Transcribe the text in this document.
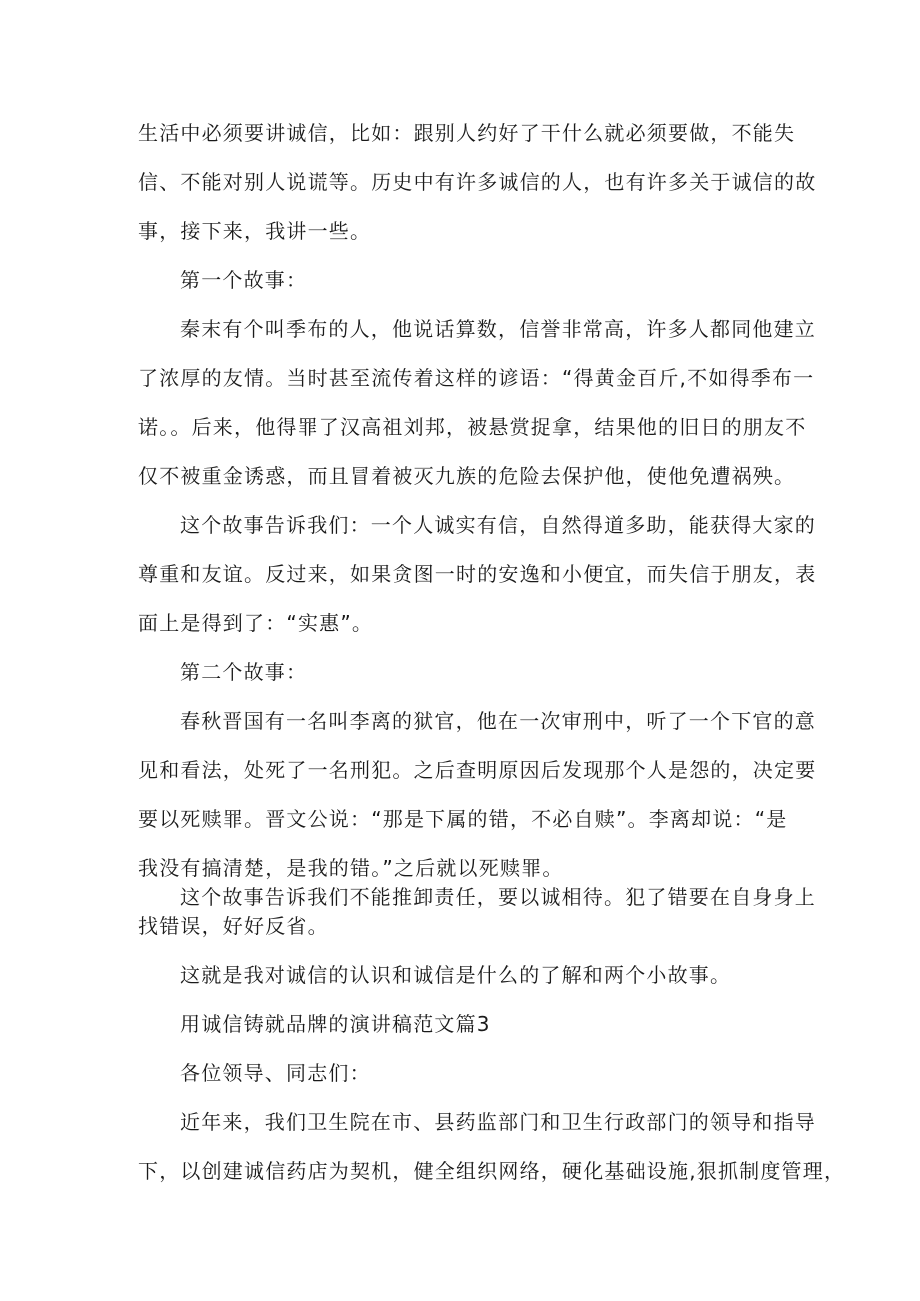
生活中必须要讲诚信，比如：跟别人约好了干什么就必须要做，不能失
信、不能对别人说谎等。历史中有许多诚信的人，也有许多关于诚信的故
事，接下来，我讲一些。
第一个故事：
秦末有个叫季布的人，他说话算数，信誉非常高，许多人都同他建立
了浓厚的友情。当时甚至流传着这样的谚语：“得黄金百斤,不如得季布一
诺。。后来，他得罪了汉高祖刘邦，被悬赏捉拿，结果他的旧日的朋友不
仅不被重金诱惑，而且冒着被灭九族的危险去保护他，使他免遭祸殃。
这个故事告诉我们：一个人诚实有信，自然得道多助，能获得大家的
尊重和友谊。反过来，如果贪图一时的安逸和小便宜，而失信于朋友，表
面上是得到了：“实惠”。
第二个故事：
春秋晋国有一名叫李离的狱官，他在一次审刑中，听了一个下官的意
见和看法，处死了一名刑犯。之后查明原因后发现那个人是怨的，决定要
要以死赎罪。晋文公说：“那是下属的错，不必自赎”。李离却说：“是
我没有搞清楚，是我的错。”之后就以死赎罪。
这个故事告诉我们不能推卸责任，要以诚相待。犯了错要在自身身上
找错误，好好反省。
这就是我对诚信的认识和诚信是什么的了解和两个小故事。
用诚信铸就品牌的演讲稿范文篇3
各位领导、同志们：
近年来，我们卫生院在市、县药监部门和卫生行政部门的领导和指导
下，以创建诚信药店为契机，健全组织网络，硬化基础设施,狠抓制度管理，
